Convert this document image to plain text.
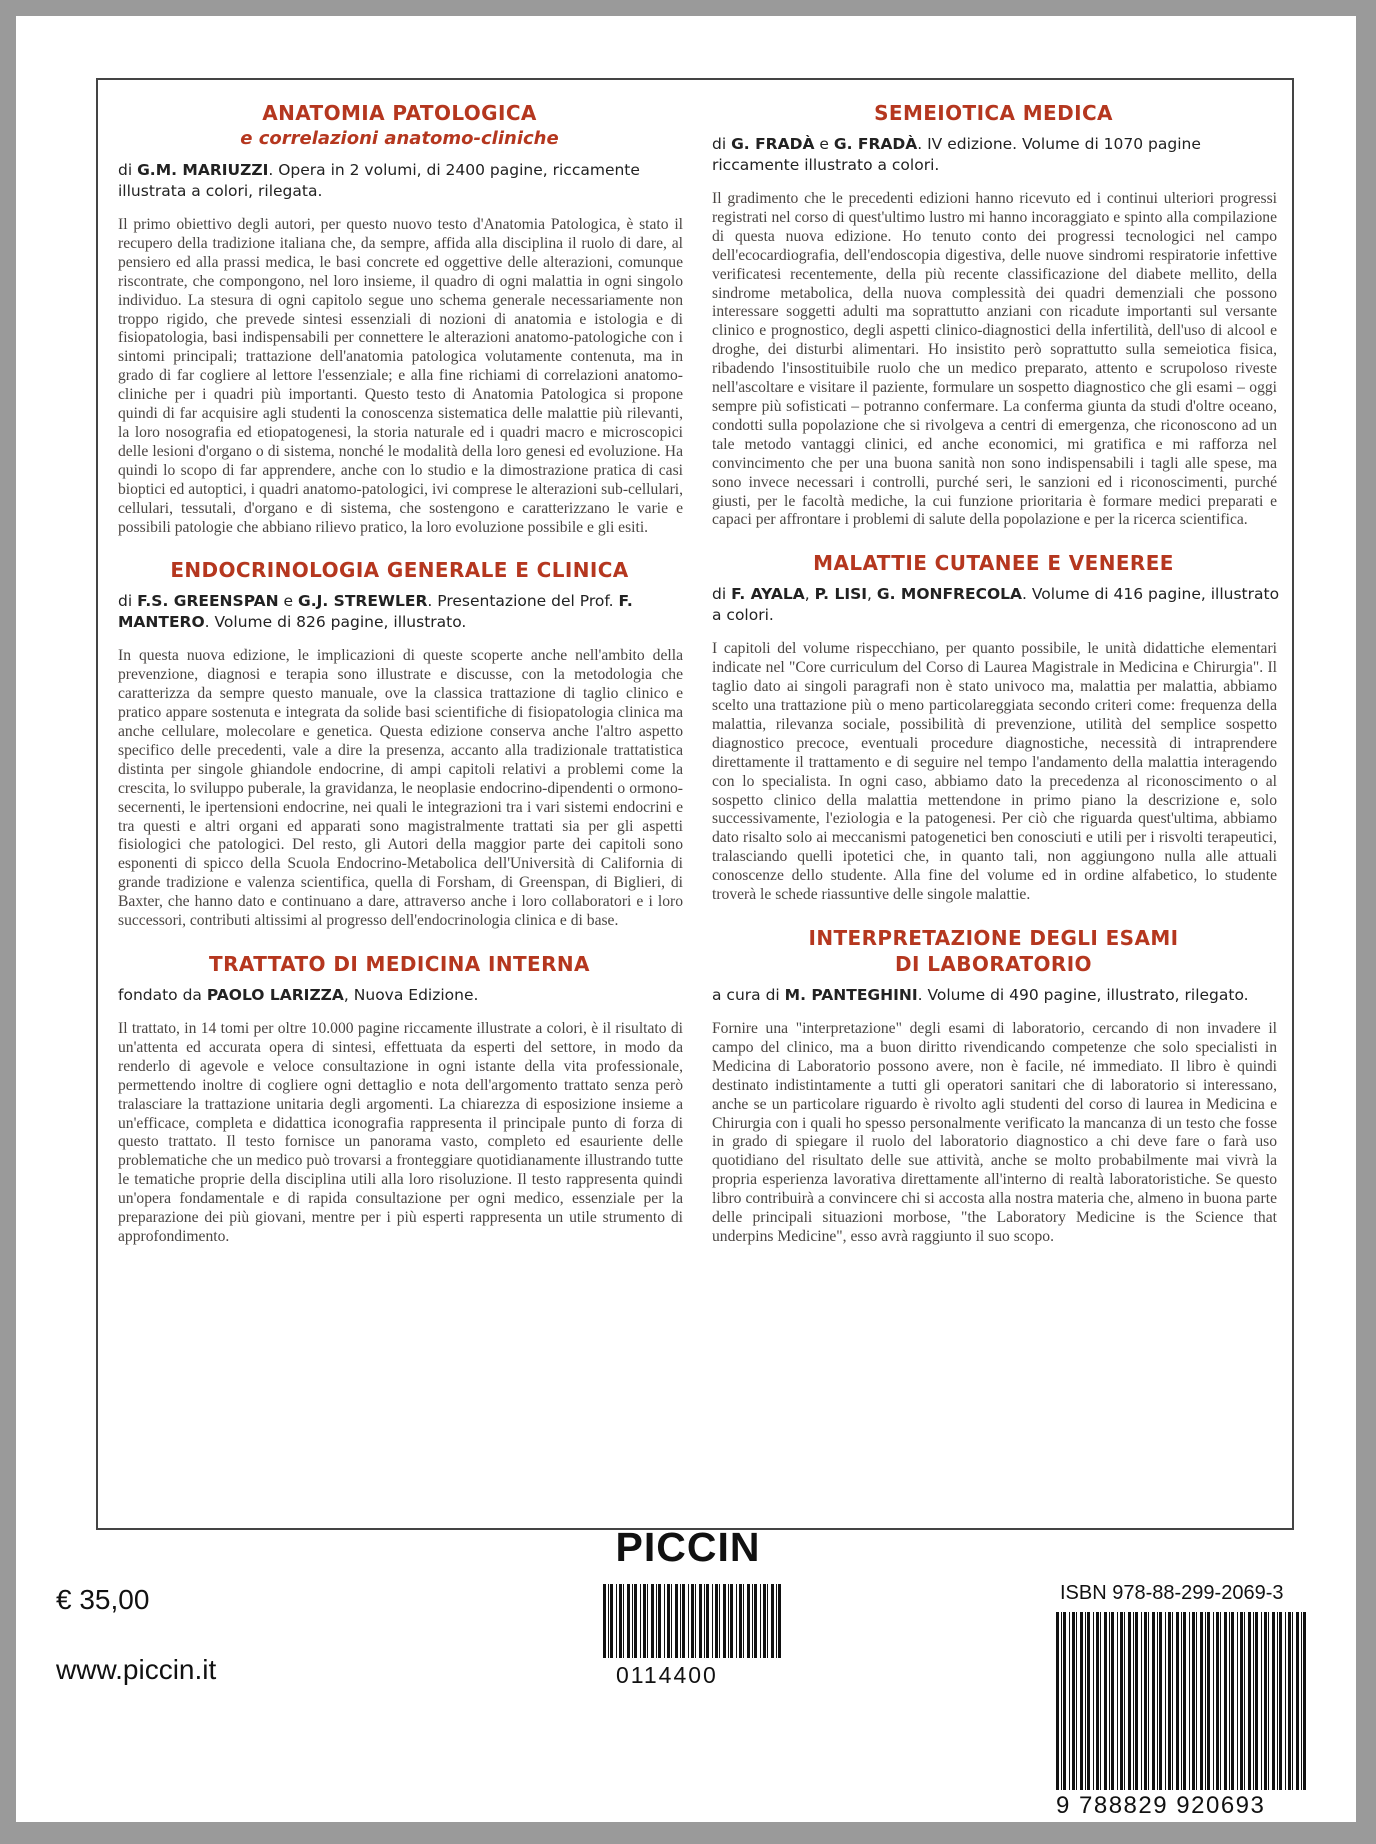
ANATOMIA PATOLOGICA
e correlazioni anatomo-cliniche
di G.M. MARIUZZI. Opera in 2 volumi, di 2400 pagine, riccamente illustrata a colori, rilegata.
Il primo obiettivo degli autori, per questo nuovo testo d'Anatomia Patologica, è stato il recupero della tradizione italiana che, da sempre, affida alla disciplina il ruolo di dare, al pensiero ed alla prassi medica, le basi concrete ed oggettive delle alterazioni, comunque riscontrate, che compongono, nel loro insieme, il quadro di ogni malattia in ogni singolo individuo. La stesura di ogni capitolo segue uno schema generale necessariamente non troppo rigido, che prevede sintesi essenziali di nozioni di anatomia e istologia e di fisiopatologia, basi indispensabili per connettere le alterazioni anatomo-patologiche con i sintomi principali; trattazione dell'anatomia patologica volutamente contenuta, ma in grado di far cogliere al lettore l'essenziale; e alla fine richiami di correlazioni anatomo-cliniche per i quadri più importanti. Questo testo di Anatomia Patologica si propone quindi di far acquisire agli studenti la conoscenza sistematica delle malattie più rilevanti, la loro nosografia ed etiopatogenesi, la storia naturale ed i quadri macro e microscopici delle lesioni d'organo o di sistema, nonché le modalità della loro genesi ed evoluzione. Ha quindi lo scopo di far apprendere, anche con lo studio e la dimostrazione pratica di casi bioptici ed autoptici, i quadri anatomo-patologici, ivi comprese le alterazioni sub-cellulari, cellulari, tessutali, d'organo e di sistema, che sostengono e caratterizzano le varie e possibili patologie che abbiano rilievo pratico, la loro evoluzione possibile e gli esiti.
ENDOCRINOLOGIA GENERALE E CLINICA
di F.S. GREENSPAN e G.J. STREWLER. Presentazione del Prof. F. MANTERO. Volume di 826 pagine, illustrato.
In questa nuova edizione, le implicazioni di queste scoperte anche nell'ambito della prevenzione, diagnosi e terapia sono illustrate e discusse, con la metodologia che caratterizza da sempre questo manuale, ove la classica trattazione di taglio clinico e pratico appare sostenuta e integrata da solide basi scientifiche di fisiopatologia clinica ma anche cellulare, molecolare e genetica. Questa edizione conserva anche l'altro aspetto specifico delle precedenti, vale a dire la presenza, accanto alla tradizionale trattatistica distinta per singole ghiandole endocrine, di ampi capitoli relativi a problemi come la crescita, lo sviluppo puberale, la gravidanza, le neoplasie endocrino-dipendenti o ormono-secernenti, le ipertensioni endocrine, nei quali le integrazioni tra i vari sistemi endocrini e tra questi e altri organi ed apparati sono magistralmente trattati sia per gli aspetti fisiologici che patologici. Del resto, gli Autori della maggior parte dei capitoli sono esponenti di spicco della Scuola Endocrino-Metabolica dell'Università di California di grande tradizione e valenza scientifica, quella di Forsham, di Greenspan, di Biglieri, di Baxter, che hanno dato e continuano a dare, attraverso anche i loro collaboratori e i loro successori, contributi altissimi al progresso dell'endocrinologia clinica e di base.
TRATTATO DI MEDICINA INTERNA
fondato da PAOLO LARIZZA, Nuova Edizione.
Il trattato, in 14 tomi per oltre 10.000 pagine riccamente illustrate a colori, è il risultato di un'attenta ed accurata opera di sintesi, effettuata da esperti del settore, in modo da renderlo di agevole e veloce consultazione in ogni istante della vita professionale, permettendo inoltre di cogliere ogni dettaglio e nota dell'argomento trattato senza però tralasciare la trattazione unitaria degli argomenti. La chiarezza di esposizione insieme a un'efficace, completa e didattica iconografia rappresenta il principale punto di forza di questo trattato. Il testo fornisce un panorama vasto, completo ed esauriente delle problematiche che un medico può trovarsi a fronteggiare quotidianamente illustrando tutte le tematiche proprie della disciplina utili alla loro risoluzione. Il testo rappresenta quindi un'opera fondamentale e di rapida consultazione per ogni medico, essenziale per la preparazione dei più giovani, mentre per i più esperti rappresenta un utile strumento di approfondimento.
SEMEIOTICA MEDICA
di G. FRADÀ e G. FRADÀ. IV edizione. Volume di 1070 pagine riccamente illustrato a colori.
Il gradimento che le precedenti edizioni hanno ricevuto ed i continui ulteriori progressi registrati nel corso di quest'ultimo lustro mi hanno incoraggiato e spinto alla compilazione di questa nuova edizione. Ho tenuto conto dei progressi tecnologici nel campo dell'ecocardiografia, dell'endoscopia digestiva, delle nuove sindromi respiratorie infettive verificatesi recentemente, della più recente classificazione del diabete mellito, della sindrome metabolica, della nuova complessità dei quadri demenziali che possono interessare soggetti adulti ma soprattutto anziani con ricadute importanti sul versante clinico e prognostico, degli aspetti clinico-diagnostici della infertilità, dell'uso di alcool e droghe, dei disturbi alimentari. Ho insistito però soprattutto sulla semeiotica fisica, ribadendo l'insostituibile ruolo che un medico preparato, attento e scrupoloso riveste nell'ascoltare e visitare il paziente, formulare un sospetto diagnostico che gli esami – oggi sempre più sofisticati – potranno confermare. La conferma giunta da studi d'oltre oceano, condotti sulla popolazione che si rivolgeva a centri di emergenza, che riconoscono ad un tale metodo vantaggi clinici, ed anche economici, mi gratifica e mi rafforza nel convincimento che per una buona sanità non sono indispensabili i tagli alle spese, ma sono invece necessari i controlli, purché seri, le sanzioni ed i riconoscimenti, purché giusti, per le facoltà mediche, la cui funzione prioritaria è formare medici preparati e capaci per affrontare i problemi di salute della popolazione e per la ricerca scientifica.
MALATTIE CUTANEE E VENEREE
di F. AYALA, P. LISI, G. MONFRECOLA. Volume di 416 pagine, illustrato a colori.
I capitoli del volume rispecchiano, per quanto possibile, le unità didattiche elementari indicate nel "Core curriculum del Corso di Laurea Magistrale in Medicina e Chirurgia". Il taglio dato ai singoli paragrafi non è stato univoco ma, malattia per malattia, abbiamo scelto una trattazione più o meno particolareggiata secondo criteri come: frequenza della malattia, rilevanza sociale, possibilità di prevenzione, utilità del semplice sospetto diagnostico precoce, eventuali procedure diagnostiche, necessità di intraprendere direttamente il trattamento e di seguire nel tempo l'andamento della malattia interagendo con lo specialista. In ogni caso, abbiamo dato la precedenza al riconoscimento o al sospetto clinico della malattia mettendone in primo piano la descrizione e, solo successivamente, l'eziologia e la patogenesi. Per ciò che riguarda quest'ultima, abbiamo dato risalto solo ai meccanismi patogenetici ben conosciuti e utili per i risvolti terapeutici, tralasciando quelli ipotetici che, in quanto tali, non aggiungono nulla alle attuali conoscenze dello studente. Alla fine del volume ed in ordine alfabetico, lo studente troverà le schede riassuntive delle singole malattie.
INTERPRETAZIONE DEGLI ESAMI
DI LABORATORIO
a cura di M. PANTEGHINI. Volume di 490 pagine, illustrato, rilegato.
Fornire una "interpretazione" degli esami di laboratorio, cercando di non invadere il campo del clinico, ma a buon diritto rivendicando competenze che solo specialisti in Medicina di Laboratorio possono avere, non è facile, né immediato. Il libro è quindi destinato indistintamente a tutti gli operatori sanitari che di laboratorio si interessano, anche se un particolare riguardo è rivolto agli studenti del corso di laurea in Medicina e Chirurgia con i quali ho spesso personalmente verificato la mancanza di un testo che fosse in grado di spiegare il ruolo del laboratorio diagnostico a chi deve fare o farà uso quotidiano del risultato delle sue attività, anche se molto probabilmente mai vivrà la propria esperienza lavorativa direttamente all'interno di realtà laboratoristiche. Se questo libro contribuirà a convincere chi si accosta alla nostra materia che, almeno in buona parte delle principali situazioni morbose, "the Laboratory Medicine is the Science that underpins Medicine", esso avrà raggiunto il suo scopo.
PICCIN
€ 35,00
www.piccin.it	0114400
ISBN 978-88-299-2069-3
9 788829 920693
